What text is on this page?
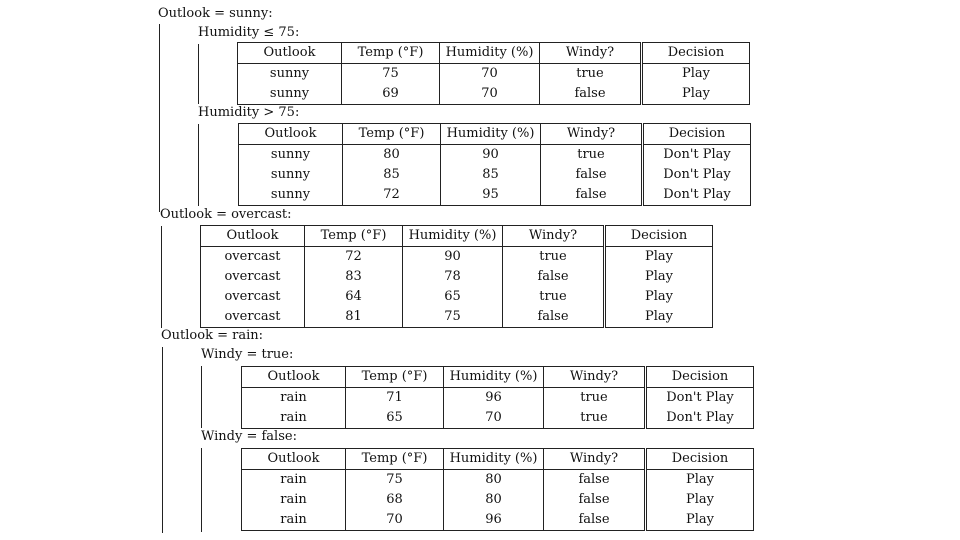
Outlook = sunny:
Humidity ≤ 75:
Outlook	Temp (°F)	Humidity (%)	Windy?	Decision
sunny	75	70	true	Play
sunny	69	70	false	Play
Humidity > 75:
Outlook	Temp (°F)	Humidity (%)	Windy?	Decision
sunny	80	90	true	Don't Play
sunny	85	85	false	Don't Play
sunny	72	95	false	Don't Play
Outlook = overcast:
Outlook	Temp (°F)	Humidity (%)	Windy?	Decision
overcast	72	90	true	Play
overcast	83	78	false	Play
overcast	64	65	true	Play
overcast	81	75	false	Play
Outlook = rain:
Windy = true:
Outlook	Temp (°F)	Humidity (%)	Windy?	Decision
rain	71	96	true	Don't Play
rain	65	70	true	Don't Play
Windy = false:
Outlook	Temp (°F)	Humidity (%)	Windy?	Decision
rain	75	80	false	Play
rain	68	80	false	Play
rain	70	96	false	Play
